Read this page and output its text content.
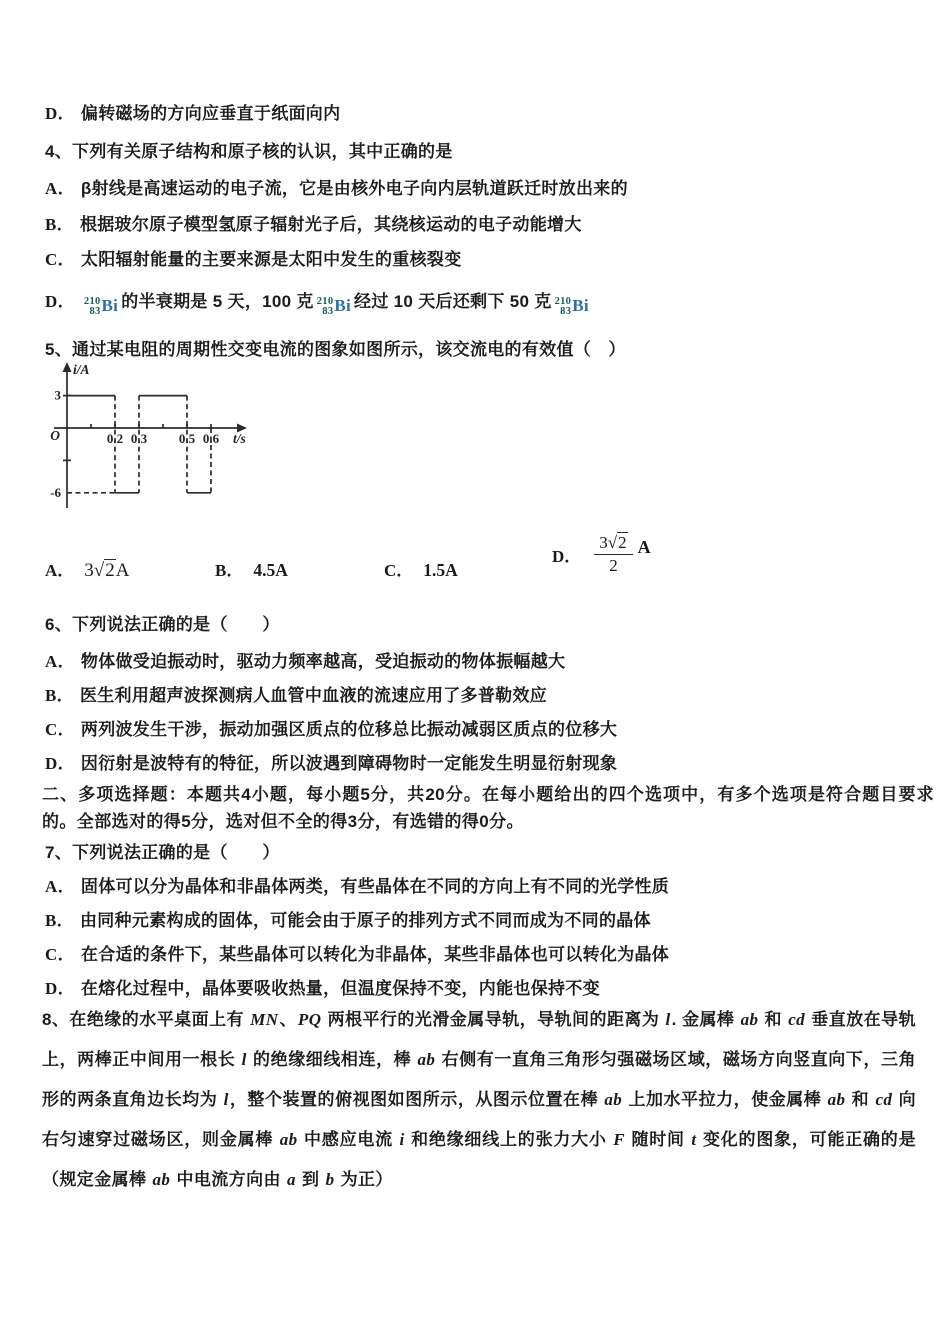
D． 偏转磁场的方向应垂直于纸面向内
4、下列有关原子结构和原子核的认识，其中正确的是
A． β射线是高速运动的电子流，它是由核外电子向内层轨道跃迁时放出来的
B． 根据玻尔原子模型氢原子辐射光子后，其绕核运动的电子动能增大
C． 太阳辐射能量的主要来源是太阳中发生的重核裂变
D． 210
83 Bi 的半衰期是 5 天，100 克 210
83 Bi 经过 10 天后还剩下 50 克 210
83 Bi
5、通过某电阻的周期性交变电流的图象如图所示，该交流电的有效值（　）
3
-6
0.2 0.3 0.5 0.6
O
i/A
t/s
A． 3√2A	B． 4.5A	C． 1.5A
D． $\frac{3√2}{2}$ A
6、下列说法正确的是（　　）
A． 物体做受迫振动时，驱动力频率越高，受迫振动的物体振幅越大
B． 医生利用超声波探测病人血管中血液的流速应用了多普勒效应
C． 两列波发生干涉，振动加强区质点的位移总比振动减弱区质点的位移大
D． 因衍射是波特有的特征，所以波遇到障碍物时一定能发生明显衍射现象
二、多项选择题：本题共4小题，每小题5分，共20分。在每小题给出的四个选项中，有多个选项是符合题目要求的。全部选对的得5分，选对但不全的得3分，有选错的得0分。
7、下列说法正确的是（　　）
A． 固体可以分为晶体和非晶体两类，有些晶体在不同的方向上有不同的光学性质
B． 由同种元素构成的固体，可能会由于原子的排列方式不同而成为不同的晶体
C． 在合适的条件下，某些晶体可以转化为非晶体，某些非晶体也可以转化为晶体
D． 在熔化过程中，晶体要吸收热量，但温度保持不变，内能也保持不变
8、在绝缘的水平桌面上有 MN、PQ 两根平行的光滑金属导轨，导轨间的距离为 l. 金属棒 ab 和 cd 垂直放在导轨上，两棒正中间用一根长 l 的绝缘细线相连，棒 ab 右侧有一直角三角形匀强磁场区域，磁场方向竖直向下，三角形的两条直角边长均为 l，整个装置的俯视图如图所示，从图示位置在棒 ab 上加水平拉力，使金属棒 ab 和 cd 向右匀速穿过磁场区，则金属棒 ab 中感应电流 i 和绝缘细线上的张力大小 F 随时间 t 变化的图象，可能正确的是（规定金属棒 ab 中电流方向由 a 到 b 为正）
